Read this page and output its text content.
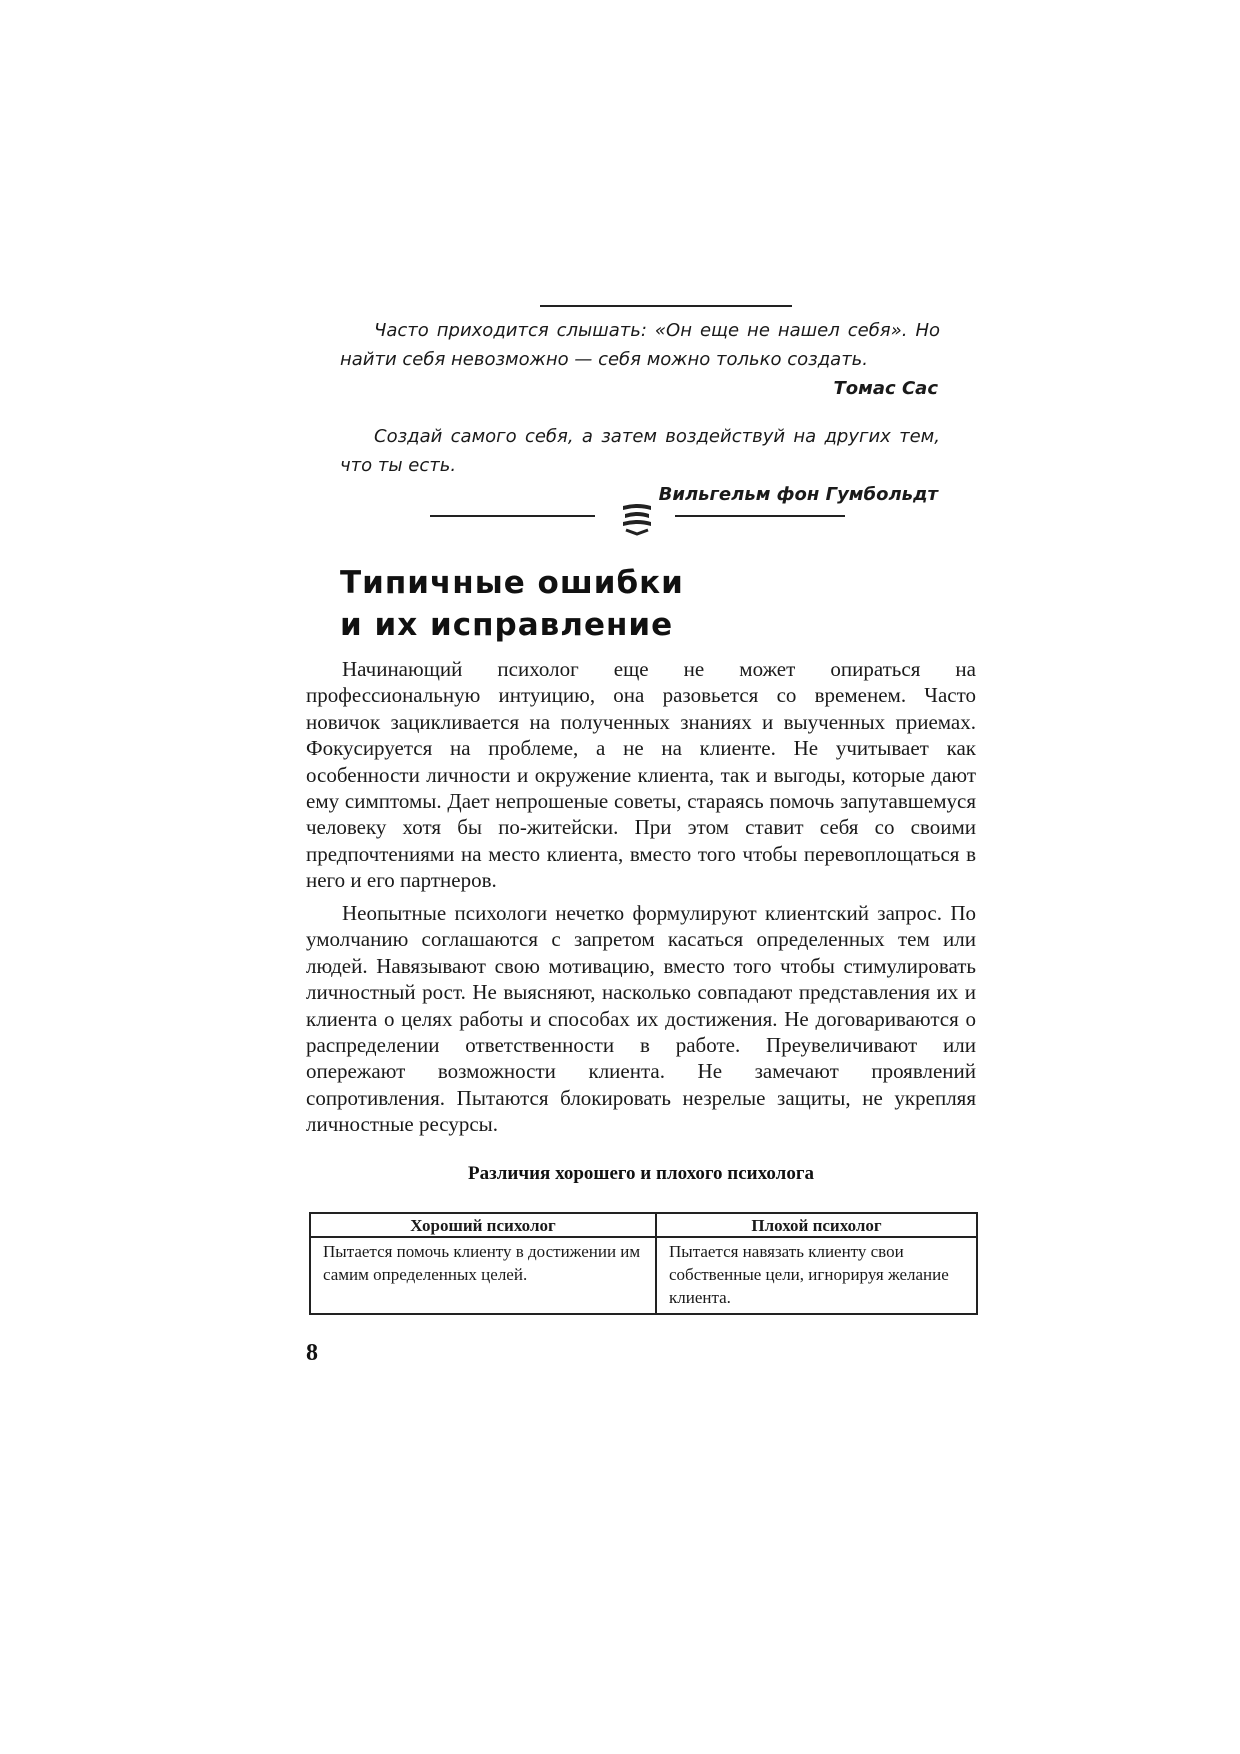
Часто приходится слышать: «Он еще не нашел себя». Но найти себя невозможно — себя можно только создать.

Томас Сас

Создай самого себя, а затем воздействуй на других тем, что ты есть.

Вильгельм фон Гумбольдт

Типичные ошибки
и их исправление

Начинающий психолог еще не может опираться на профессиональную интуицию, она разовьется со временем. Часто новичок зацикливается на полученных знаниях и выученных приемах. Фокусируется на проблеме, а не на клиенте. Не учитывает как особенности личности и окружение клиента, так и выгоды, которые дают ему симптомы. Дает непрошеные советы, стараясь помочь запутавшемуся человеку хотя бы по-житейски. При этом ставит себя со своими предпочтениями на место клиента, вместо того чтобы перевоплощаться в него и его партнеров.

Неопытные психологи нечетко формулируют клиентский запрос. По умолчанию соглашаются с запретом касаться определенных тем или людей. Навязывают свою мотивацию, вместо того чтобы стимулировать личностный рост. Не выясняют, насколько совпадают представления их и клиента о целях работы и способах их достижения. Не договариваются о распределении ответственности в работе. Преувеличивают или опережают возможности клиента. Не замечают проявлений сопротивления. Пытаются блокировать незрелые защиты, не укрепляя личностные ресурсы.

Различия хорошего и плохого психолога

Хороший психолог	Плохой психолог
Пытается помочь клиенту в достижении им самим определенных целей.	Пытается навязать клиенту свои собственные цели, игнорируя желание клиента.

8
